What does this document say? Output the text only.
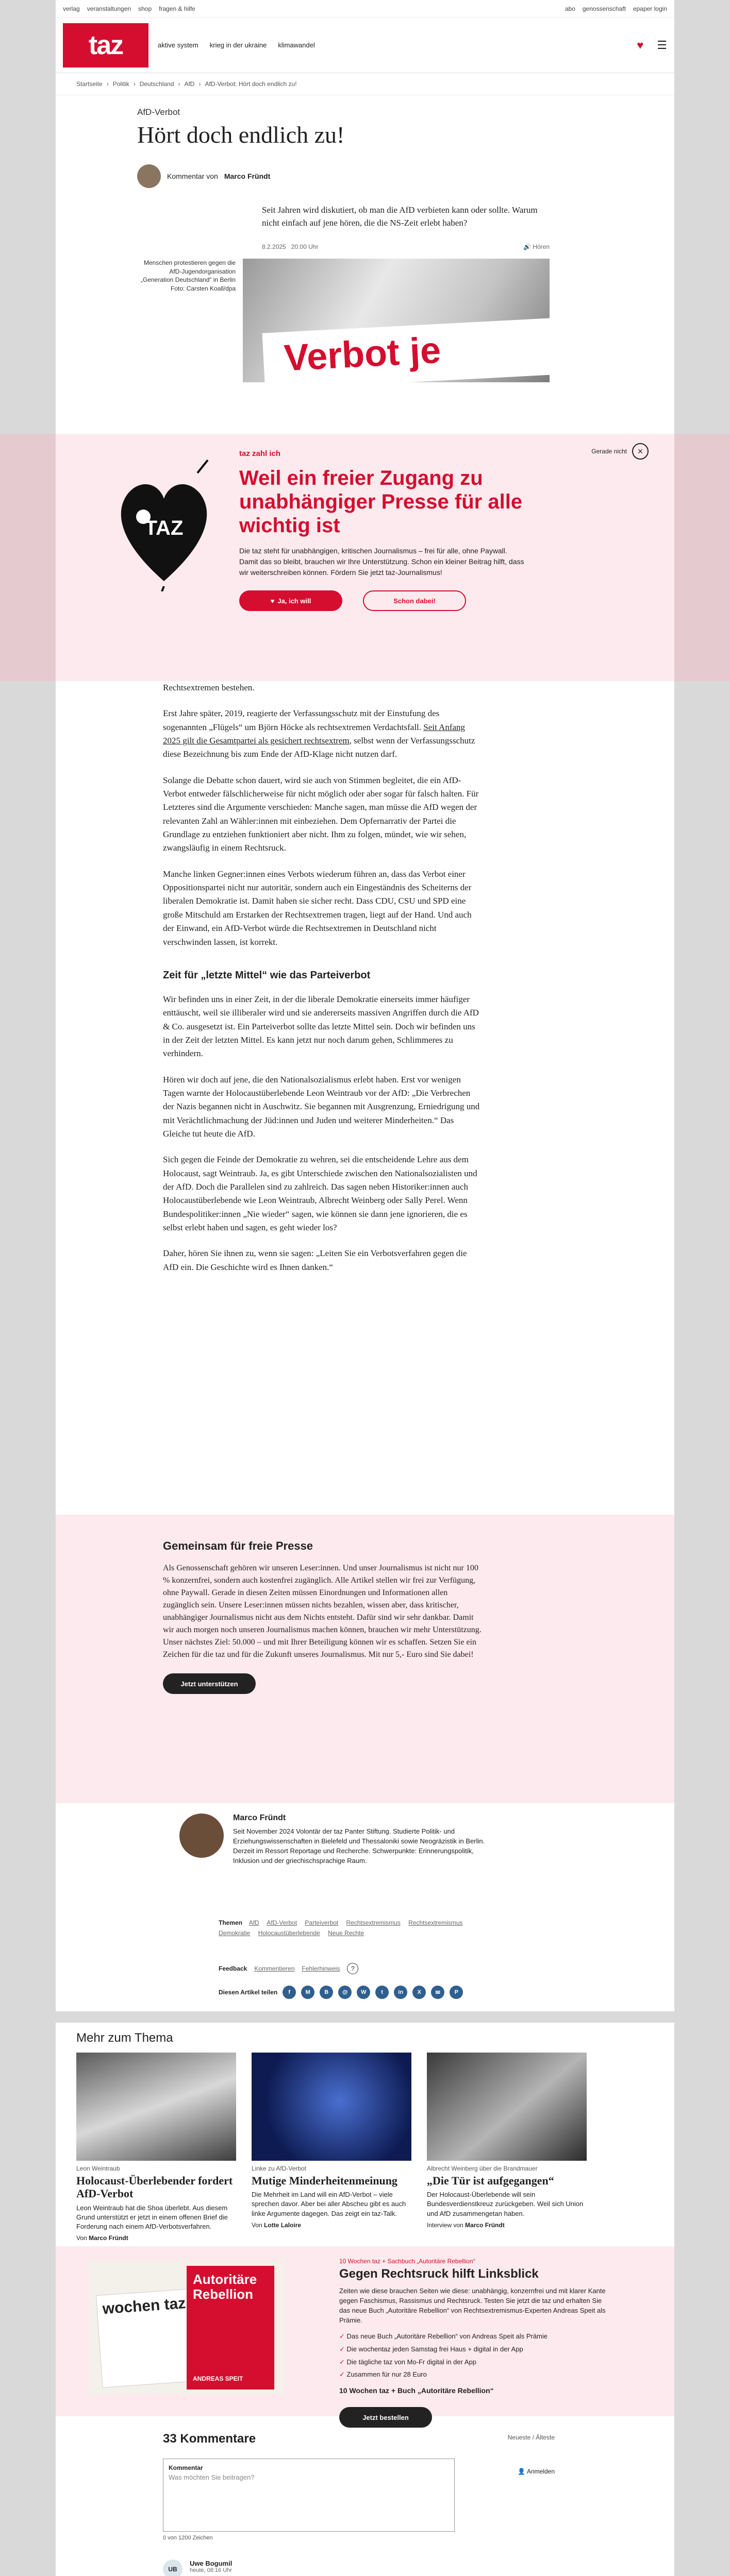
verlag veranstaltungen shop fragen & hilfe	abo genossenschaft epaper login
taz	aktive system krieg in der ukraine klimawandel	♥ ☰
Startseite › Politik › Deutschland › AfD › AfD-Verbot: Hört doch endlich zu!
AfD-Verbot
Hört doch endlich zu!
Kommentar von Marco Fründt

Seit Jahren wird diskutiert, ob man die AfD verbieten kann oder sollte. Warum nicht einfach auf jene hören, die die NS-Zeit erlebt haben?

8.2.2025 20:00 Uhr	🔊 Hören
Menschen protestieren gegen die AfD-Jugendorganisation „Generation Deutschland“ in Berlin Foto: Carsten Koall/dpa
Verbot je

Rechtsextremen bestehen.

Erst Jahre später, 2019, reagierte der Verfassungsschutz mit der Einstufung des sogenannten „Flügels“ um Björn Höcke als rechtsextremen Verdachtsfall. Seit Anfang 2025 gilt die Gesamtpartei als gesichert rechtsextrem, selbst wenn der Verfassungsschutz diese Bezeichnung bis zum Ende der AfD-Klage nicht nutzen darf.

Solange die Debatte schon dauert, wird sie auch von Stimmen begleitet, die ein AfD-Verbot entweder fälschlicherweise für nicht möglich oder aber sogar für falsch halten. Für Letzteres sind die Argumente verschieden: Manche sagen, man müsse die AfD wegen der relevanten Zahl an Wähler:innen mit einbeziehen. Dem Opfernarrativ der Partei die Grundlage zu entziehen funktioniert aber nicht. Ihm zu folgen, mündet, wie wir sehen, zwangsläufig in einem Rechtsruck.

Manche linken Gegner:innen eines Verbots wiederum führen an, dass das Verbot einer Oppositionspartei nicht nur autoritär, sondern auch ein Eingeständnis des Scheiterns der liberalen Demokratie ist. Damit haben sie sicher recht. Dass CDU, CSU und SPD eine große Mitschuld am Erstarken der Rechtsextremen tragen, liegt auf der Hand. Und auch der Einwand, ein AfD-Verbot würde die Rechtsextremen in Deutschland nicht verschwinden lassen, ist korrekt.

Zeit für „letzte Mittel“ wie das Parteiverbot

Wir befinden uns in einer Zeit, in der die liberale Demokratie einerseits immer häufiger enttäuscht, weil sie illiberaler wird und sie andererseits massiven Angriffen durch die AfD & Co. ausgesetzt ist. Ein Parteiverbot sollte das letzte Mittel sein. Doch wir befinden uns in der Zeit der letzten Mittel. Es kann jetzt nur noch darum gehen, Schlimmeres zu verhindern.

Hören wir doch auf jene, die den Nationalsozialismus erlebt haben. Erst vor wenigen Tagen warnte der Holocaustüberlebende Leon Weintraub vor der AfD: „Die Verbrechen der Nazis begannen nicht in Auschwitz. Sie begannen mit Ausgrenzung, Erniedrigung und mit Verächtlichmachung der Jüd:innen und Juden und weiterer Minderheiten.“ Das Gleiche tut heute die AfD.

Sich gegen die Feinde der Demokratie zu wehren, sei die entscheidende Lehre aus dem Holocaust, sagt Weintraub. Ja, es gibt Unterschiede zwischen den Nationalsozialisten und der AfD. Doch die Parallelen sind zu zahlreich. Das sagen neben Historiker:innen auch Holocaustüberlebende wie Leon Weintraub, Albrecht Weinberg oder Sally Perel. Wenn Bundespolitiker:innen „Nie wieder“ sagen, wie können sie dann jene ignorieren, die es selbst erlebt haben und sagen, es geht wieder los?

Daher, hören Sie ihnen zu, wenn sie sagen: „Leiten Sie ein Verbotsverfahren gegen die AfD ein. Die Geschichte wird es Ihnen danken.“

Marco Fründt
Seit November 2024 Volontär der taz Panter Stiftung. Studierte Politik- und Erziehungswissenschaften in Bielefeld und Thessaloniki sowie Neogräzistik in Berlin. Derzeit im Ressort Reportage und Recherche. Schwerpunkte: Erinnerungspolitik, Inklusion und der griechischsprachige Raum.
Themen AfD AfD-Verbot Parteiverbot Rechtsextremismus Rechtsextremismus
Demokratie Holocaustüberlebende Neue Rechte
Feedback Kommentieren Fehlerhinweis	?
Diesen Artikel teilen	f	M	B	@	W	t	in	X	✉	P
wochen taz
Autoritäre Rebellion
ANDREAS SPEIT
10 Wochen taz + Sachbuch „Autoritäre Rebellion“
Gegen Rechtsruck hilft Linksblick
Zeiten wie diese brauchen Seiten wie diese: unabhängig, konzernfrei und mit klarer Kante gegen Faschismus, Rassismus und Rechtsruck. Testen Sie jetzt die taz und erhalten Sie das neue Buch „Autoritäre Rebellion“ von Rechtsextremismus-Experten Andreas Speit als Prämie.
✓ Das neue Buch „Autoritäre Rebellion“ von Andreas Speit als Prämie
✓ Die wochentaz jeden Samstag frei Haus + digital in der App
✓ Die tägliche taz von Mo-Fr digital in der App
✓ Zusammen für nur 28 Euro
10 Wochen taz + Buch „Autoritäre Rebellion“
Jetzt bestellen
33 Kommentare	Neueste / Älteste
👤 Anmelden
Kommentar
Was möchten Sie beitragen?
0 von 1200 Zeichen
UB
Uwe Bogumil
heute, 08:16 Uhr

TAZ
taz zahl ich
Weil ein freier Zugang zu unabhängiger Presse für alle wichtig ist
Die taz steht für unabhängigen, kritischen Journalismus – frei für alle, ohne Paywall. Damit das so bleibt, brauchen wir Ihre Unterstützung. Schon ein kleiner Beitrag hilft, dass wir weiterschreiben können. Fördern Sie jetzt taz-Journalismus!
♥ Ja, ich will	Schon dabei!
Gerade nicht	×
Gemeinsam für freie Presse

Als Genossenschaft gehören wir unseren Leser:innen. Und unser Journalismus ist nicht nur 100 % konzernfrei, sondern auch kostenfrei zugänglich. Alle Artikel stellen wir frei zur Verfügung, ohne Paywall. Gerade in diesen Zeiten müssen Einordnungen und Informationen allen zugänglich sein. Unsere Leser:innen müssen nichts bezahlen, wissen aber, dass kritischer, unabhängiger Journalismus nicht aus dem Nichts entsteht. Dafür sind wir sehr dankbar. Damit wir auch morgen noch unseren Journalismus machen können, brauchen wir mehr Unterstützung. Unser nächstes Ziel: 50.000 – und mit Ihrer Beteiligung können wir es schaffen. Setzen Sie ein Zeichen für die taz und für die Zukunft unseres Journalismus. Mit nur 5,- Euro sind Sie dabei!

Jetzt unterstützen
Mehr zum Thema
Leon Weintraub
Holocaust-Überlebender fordert AfD-Verbot
Leon Weintraub hat die Shoa überlebt. Aus diesem Grund unterstützt er jetzt in einem offenen Brief die Forderung nach einem AfD-Verbotsverfahren.
Von Marco Fründt
Linke zu AfD-Verbot
Mutige Minderheitenmeinung
Die Mehrheit im Land will ein AfD-Verbot – viele sprechen davor. Aber bei aller Abscheu gibt es auch linke Argumente dagegen. Das zeigt ein taz-Talk.
Von Lotte Laloire
Albrecht Weinberg über die Brandmauer
„Die Tür ist aufgegangen“
Der Holocaust-Überlebende will sein Bundesverdienstkreuz zurückgeben. Weil sich Union und AfD zusammengetan haben.
Interview von Marco Fründt
